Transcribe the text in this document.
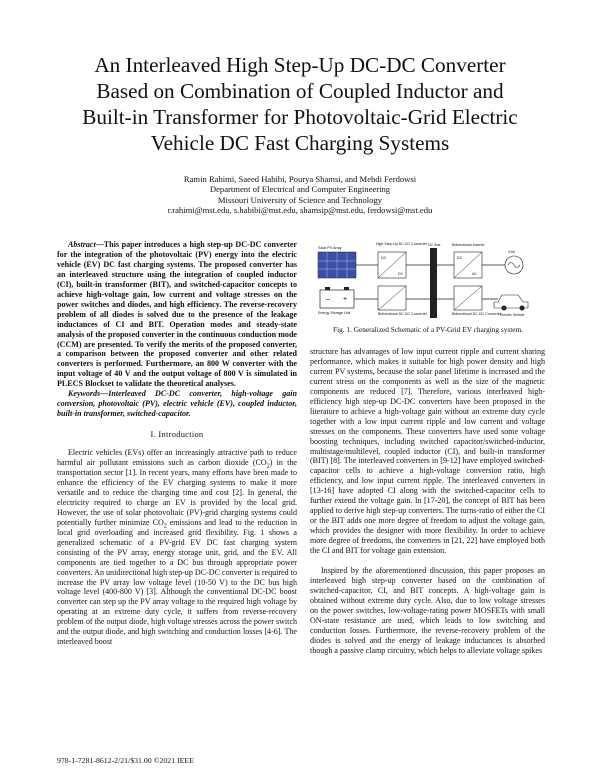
An Interleaved High Step-Up DC-DC Converter
Based on Combination of Coupled Inductor and
Built-in Transformer for Photovoltaic-Grid Electric
Vehicle DC Fast Charging Systems
Ramin Rahimi, Saeed Habibi, Pourya Shamsi, and Mehdi Ferdowsi
Department of Electrical and Computer Engineering
Missouri University of Science and Technology
r.rahimi@mst.edu, s.habibi@mst.edu, shamsip@mst.edu, ferdowsi@mst.edu

Abstract—This paper introduces a high step-up DC-DC converter for the integration of the photovoltaic (PV) energy into the electric vehicle (EV) DC fast charging systems. The proposed converter has an interleaved structure using the integration of coupled inductor (CI), built-in transformer (BIT), and switched-capacitor concepts to achieve high-voltage gain, low current and voltage stresses on the power switches and diodes, and high efficiency. The reverse-recovery problem of all diodes is solved due to the presence of the leakage inductances of CI and BIT. Operation modes and steady-state analysis of the proposed converter in the continuous conduction mode (CCM) are presented. To verify the merits of the proposed converter, a comparison between the proposed converter and other related converters is performed. Furthermore, an 800 W converter with the input voltage of 40 V and the output voltage of 800 V is simulated in PLECS Blockset to validate the theoretical analyses.

Keywords—Interleaved DC-DC converter, high-voltage gain conversion, photovoltaic (PV), electric vehicle (EV), coupled inductor, built-in transformer, switched-capacitor.

I. Introduction

Electric vehicles (EVs) offer an increasingly attractive path to reduce harmful air pollutant emissions such as carbon dioxide $(CO_2)$ in the transportation sector [1]. In recent years, many efforts have been made to enhance the efficiency of the EV charging systems to make it more versatile and to reduce the charging time and cost [2]. In general, the electricity required to charge an EV is provided by the local grid. However, the use of solar photovoltaic (PV)-grid charging systems could potentially further minimize $CO_2$ emissions and lead to the reduction in local grid overloading and increased grid flexibility. Fig. 1 shows a generalized schematic of a PV-grid EV DC fast charging system consisting of the PV array, energy storage unit, grid, and the EV. All components are tied together to a DC bus through appropriate power converters. An unidirectional high step-up DC-DC converter is required to increase the PV array low voltage level (10-50 V) to the DC bus high voltage level (400-800 V) [3]. Although the conventional DC-DC boost converter can step up the PV array voltage to the required high voltage by operating at an extreme duty cycle, it suffers from reverse-recovery problem of the output diode, high voltage stresses across the power switch and the output diode, and high switching and conduction losses [4-6]. The interleaved boost

DC Bus
Solar PV Array
DC
DC
High Step-Up DC-DC Converter
DC
AC
Bidirectional Inverter
Grid
– +
Energy Storage Unit	Bidirectional DC-DC Converter	Bidirectional DC-DC Converter Electric Vehicle
Fig. 1. Generalized Schematic of a PV-Grid EV charging system.

structure has advantages of low input current ripple and current sharing performance, which makes it suitable for high power density and high current PV systems, because the solar panel lifetime is increased and the current stress on the components as well as the size of the magnetic components are reduced [7]. Therefore, various interleaved high-efficiency high step-up DC-DC converters have been proposed in the literature to achieve a high-voltage gain without an extreme duty cycle together with a low input current ripple and low current and voltage stresses on the components. These converters have used some voltage boosting techniques, including switched capacitor/switched-inductor, multistage/multilevel, coupled inductor (CI), and built-in transformer (BIT) [8]. The interleaved converters in [9-12] have employed switched-capacitor cells to achieve a high-voltage conversion ratio, high efficiency, and low input current ripple. The interleaved converters in [13-16] have adopted CI along with the switched-capacitor cells to further extend the voltage gain. In [17-20], the concept of BIT has been applied to derive high step-up converters. The turns-ratio of either the CI or the BIT adds one more degree of freedom to adjust the voltage gain, which provides the designer with more flexibility. In order to achieve more degree of freedoms, the converters in [21, 22] have employed both the CI and BIT for voltage gain extension.

Inspired by the aforementioned discussion, this paper proposes an interleaved high step-up converter based on the combination of switched-capacitor, CI, and BIT concepts. A high-voltage gain is obtained without extreme duty cycle. Also, due to low voltage stresses on the power switches, low-voltage-rating power MOSFETs with small ON-state resistance are used, which leads to low switching and conduction losses. Furthermore, the reverse-recovery problem of the diodes is solved and the energy of leakage inductances is absorbed though a passive clamp circuitry, which helps to alleviate voltage spikes

978-1-7281-8612-2/21/$31.00 ©2021 IEEE
